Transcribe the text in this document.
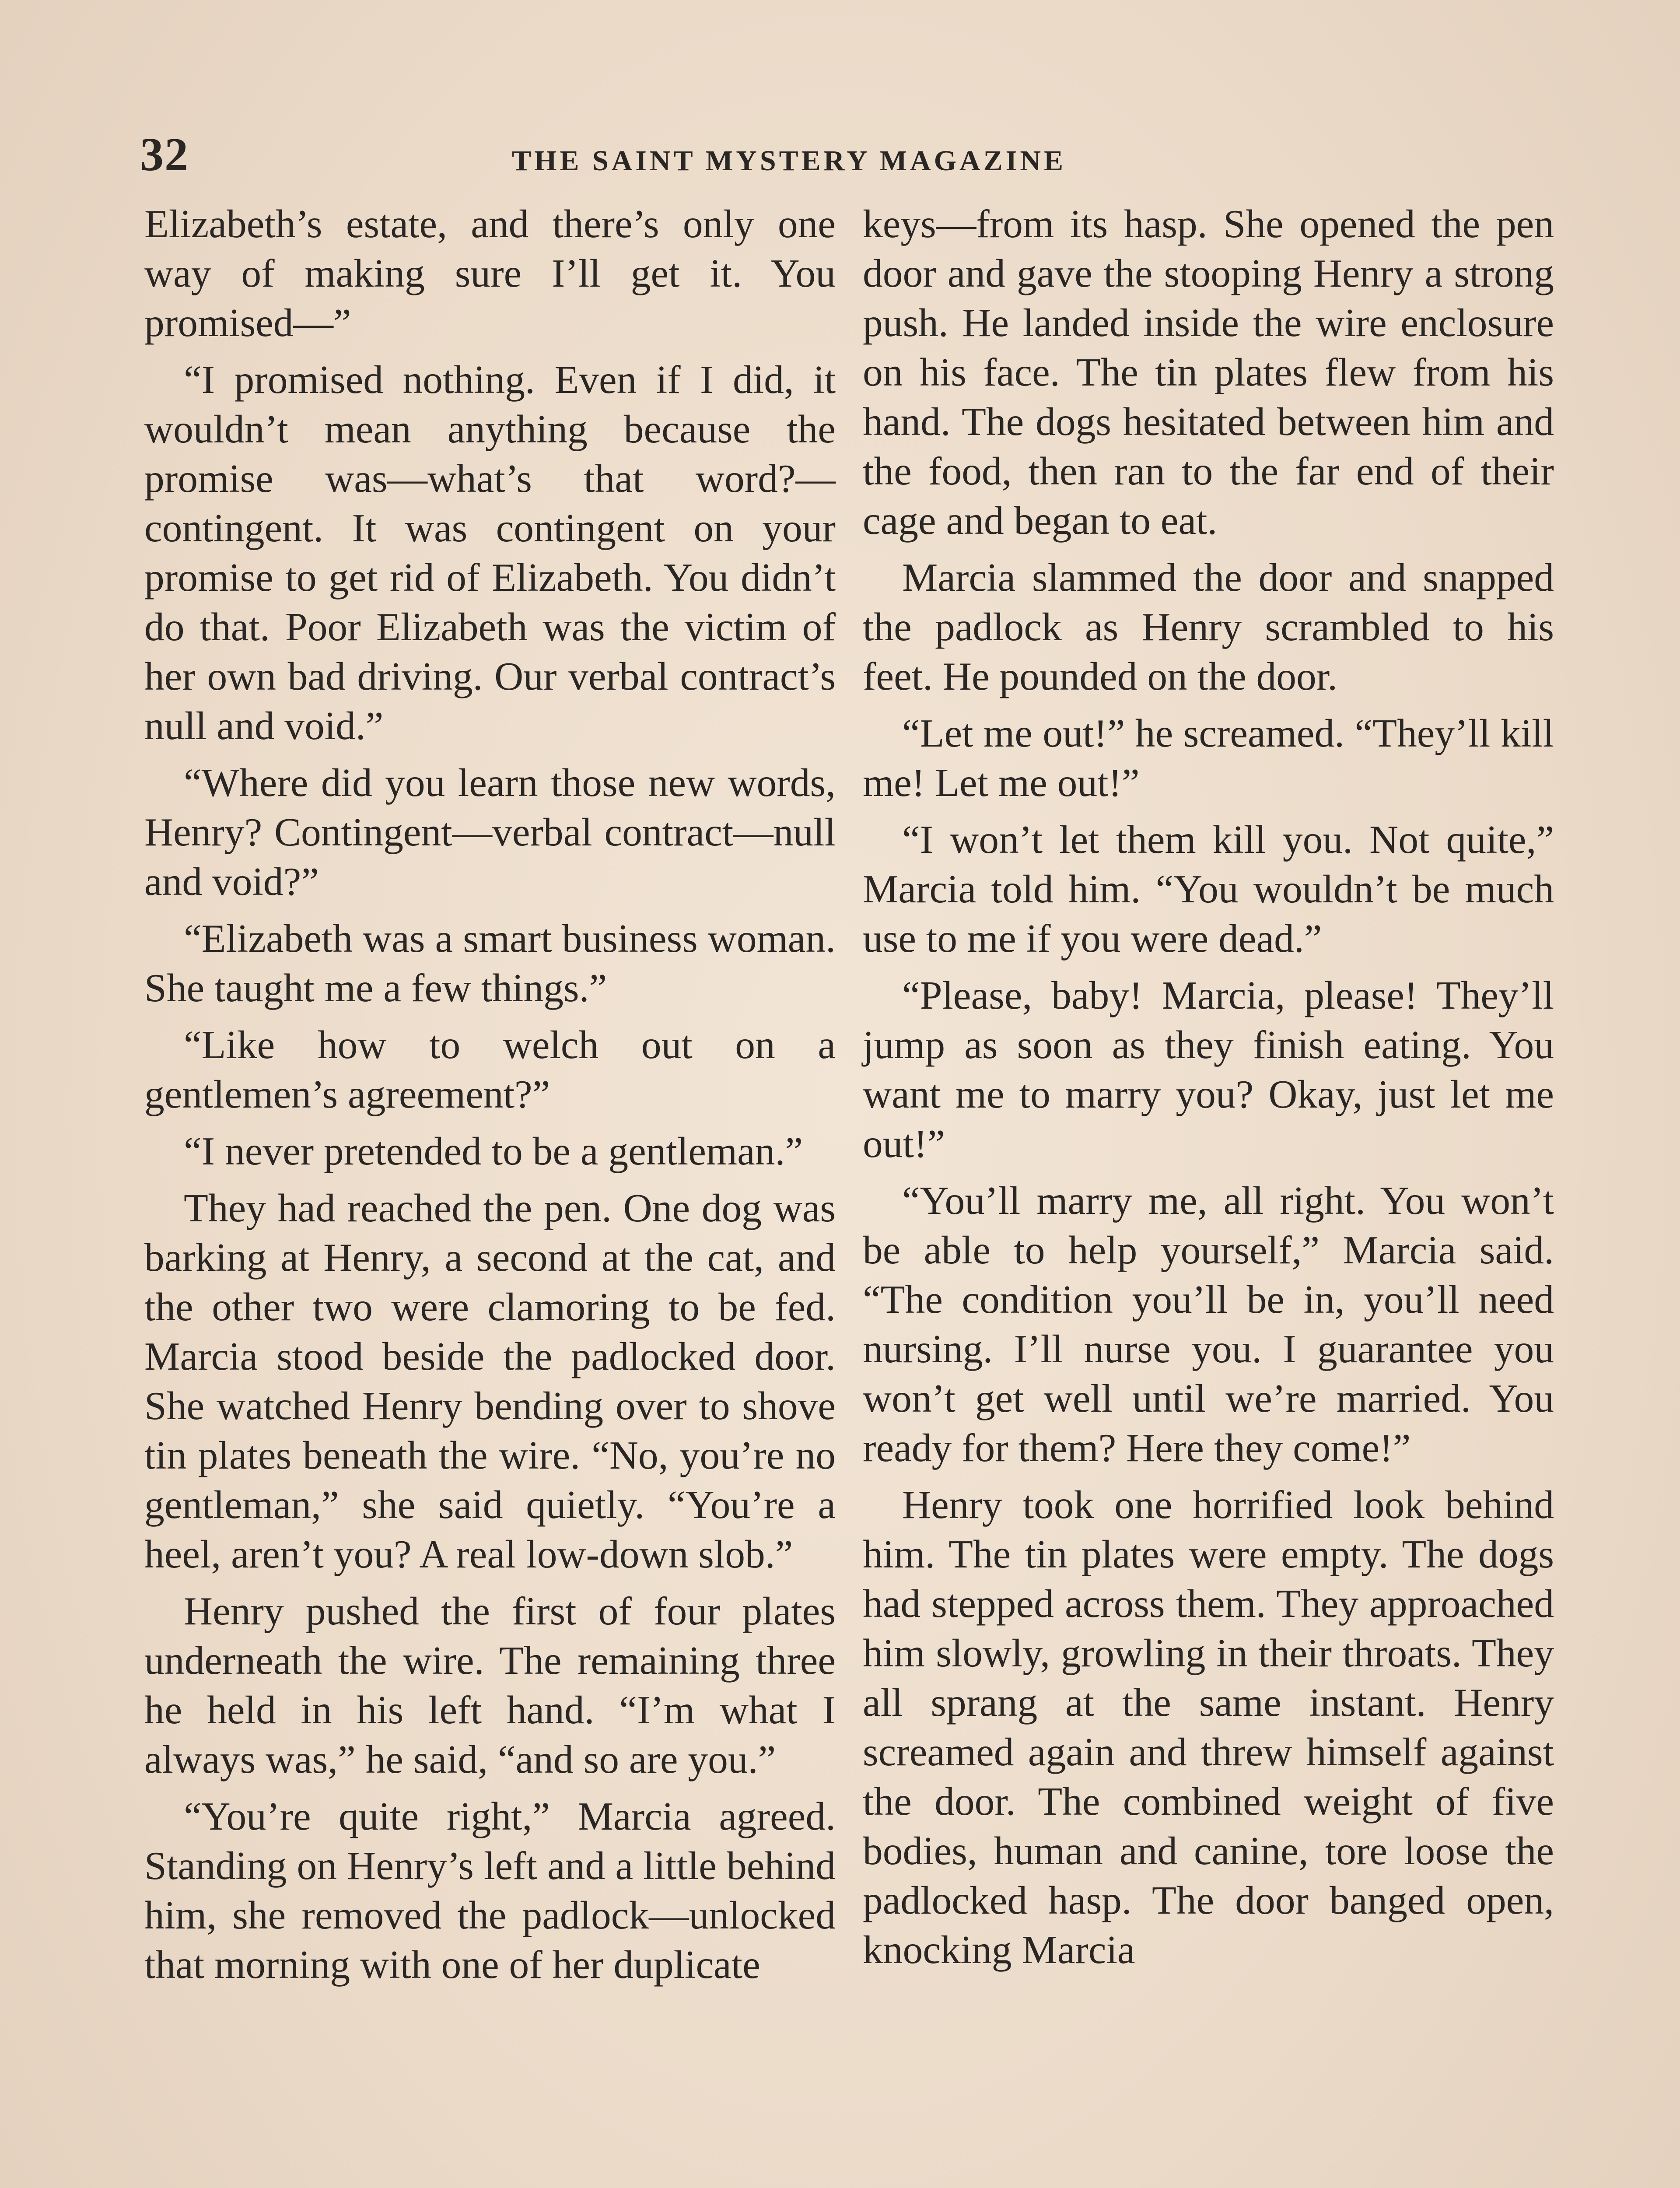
32	THE SAINT MYSTERY MAGAZINE

Elizabeth’s estate, and there’s only one way of making sure I’ll get it. You promised—”

“I promised nothing. Even if I did, it wouldn’t mean anything because the promise was—what’s that word?—contingent. It was contingent on your promise to get rid of Elizabeth. You didn’t do that. Poor Elizabeth was the victim of her own bad driving. Our verbal contract’s null and void.”

“Where did you learn those new words, Henry? Contingent—verbal contract—null and void?”

“Elizabeth was a smart business woman. She taught me a few things.”

“Like how to welch out on a gentlemen’s agreement?”

“I never pretended to be a gentleman.”

They had reached the pen. One dog was barking at Henry, a second at the cat, and the other two were clamoring to be fed. Marcia stood beside the padlocked door. She watched Henry bending over to shove tin plates beneath the wire. “No, you’re no gentleman,” she said quietly. “You’re a heel, aren’t you? A real low-down slob.”

Henry pushed the first of four plates underneath the wire. The remaining three he held in his left hand. “I’m what I always was,” he said, “and so are you.”

“You’re quite right,” Marcia agreed. Standing on Henry’s left and a little behind him, she removed the padlock—unlocked that morning with one of her duplicate

keys—from its hasp. She opened the pen door and gave the stooping Henry a strong push. He landed inside the wire enclosure on his face. The tin plates flew from his hand. The dogs hesitated between him and the food, then ran to the far end of their cage and began to eat.

Marcia slammed the door and snapped the padlock as Henry scrambled to his feet. He pounded on the door.

“Let me out!” he screamed. “They’ll kill me! Let me out!”

“I won’t let them kill you. Not quite,” Marcia told him. “You wouldn’t be much use to me if you were dead.”

“Please, baby! Marcia, please! They’ll jump as soon as they finish eating. You want me to marry you? Okay, just let me out!”

“You’ll marry me, all right. You won’t be able to help yourself,” Marcia said. “The condition you’ll be in, you’ll need nursing. I’ll nurse you. I guarantee you won’t get well until we’re married. You ready for them? Here they come!”

Henry took one horrified look behind him. The tin plates were empty. The dogs had stepped across them. They approached him slowly, growling in their throats. They all sprang at the same instant. Henry screamed again and threw himself against the door. The combined weight of five bodies, human and canine, tore loose the padlocked hasp. The door banged open, knocking Marcia
